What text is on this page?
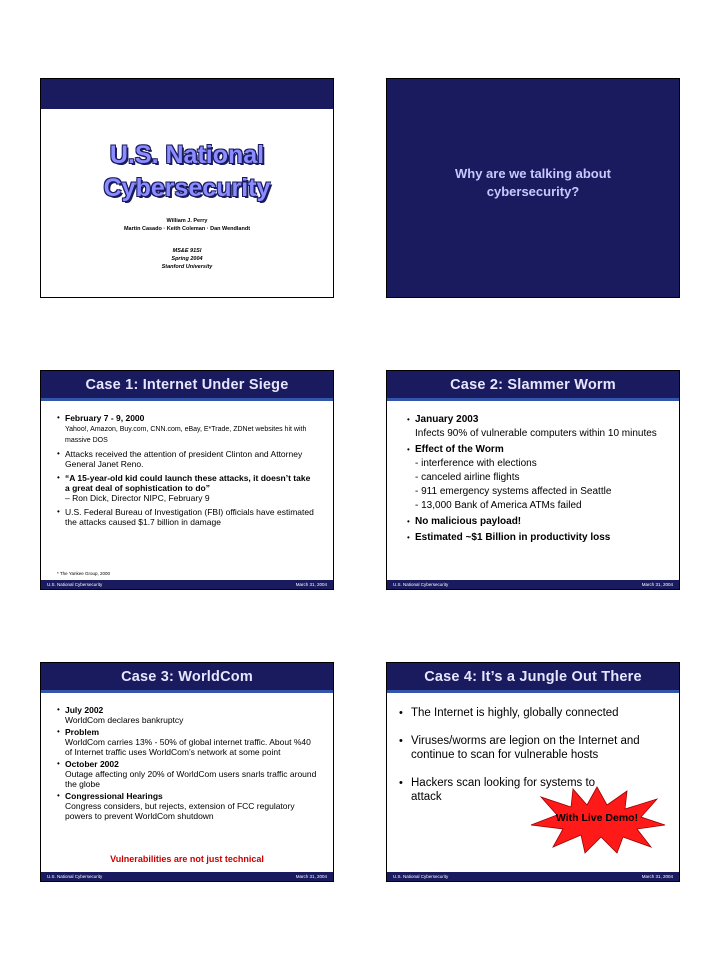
U.S. National
Cybersecurity
William J. Perry
Martin Casado · Keith Coleman · Dan Wendlandt
MS&E 91SI
Spring 2004
Stanford University
Why are we talking about cybersecurity?
Case 1: Internet Under Siege
• February 7 - 9, 2000
Yahoo!, Amazon, Buy.com, CNN.com, eBay, E*Trade, ZDNet websites hit with massive DOS
• Attacks received the attention of president Clinton and Attorney General Janet Reno.
• “A 15-year-old kid could launch these attacks, it doesn’t take a great deal of sophistication to do”
– Ron Dick, Director NIPC, February 9
• U.S. Federal Bureau of Investigation (FBI) officials have estimated the attacks caused $1.7 billion in damage
* The Yankee Group, 2000
U.S. National Cybersecurity	March 31, 2004
Case 2: Slammer Worm
• January 2003
Infects 90% of vulnerable computers within 10 minutes
• Effect of the Worm
- interference with elections
- canceled airline flights
- 911 emergency systems affected in Seattle
- 13,000 Bank of America ATMs failed
• No malicious payload!
• Estimated ~$1 Billion in productivity loss
U.S. National Cybersecurity	March 31, 2004
Case 3: WorldCom
• July 2002
WorldCom declares bankruptcy
• Problem
WorldCom carries 13% - 50% of global internet traffic. About %40 of Internet traffic uses WorldCom’s network at some point
• October 2002
Outage affecting only 20% of WorldCom users snarls traffic around the globe
• Congressional Hearings
Congress considers, but rejects, extension of FCC regulatory powers to prevent WorldCom shutdown
Vulnerabilities are not just technical
U.S. National Cybersecurity	March 31, 2004
Case 4: It’s a Jungle Out There
• The Internet is highly, globally connected
• Viruses/worms are legion on the Internet and continue to scan for vulnerable hosts
• Hackers scan looking for systems to
attack
With Live Demo!
U.S. National Cybersecurity	March 31, 2004
